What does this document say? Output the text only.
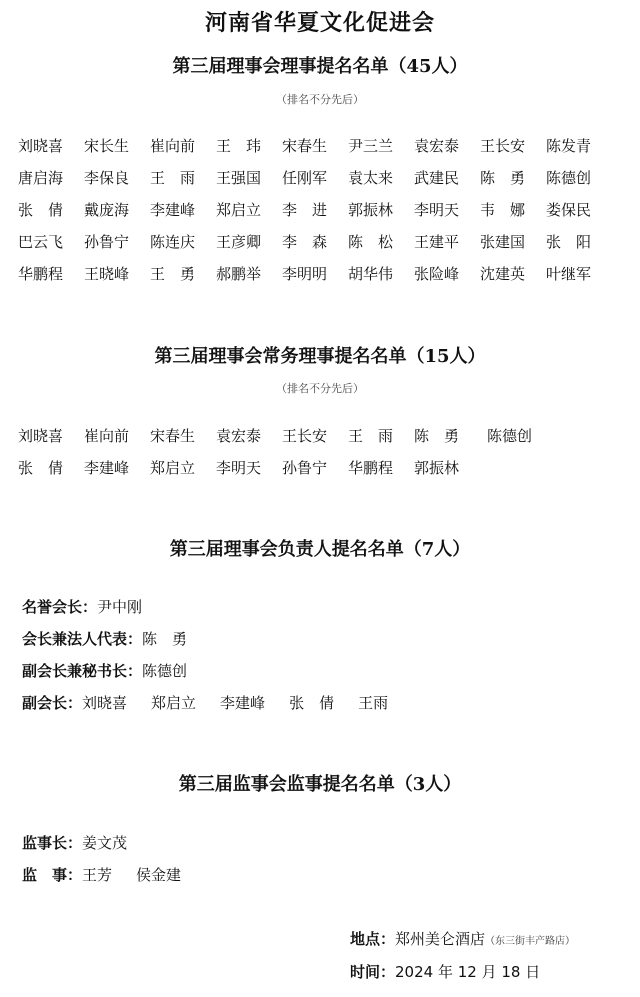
河南省华夏文化促进会
第三届理事会理事提名名单（45人）
（排名不分先后）
刘晓喜	宋长生	崔向前	王　玮	宋春生	尹三兰	袁宏泰	王长安	陈发青
唐启海	李保良	王　雨	王强国	任刚军	袁太来	武建民	陈　勇	陈德创
张　倩	戴庞海	李建峰	郑启立	李　进	郭振林	李明天	韦　娜	娄保民
巴云飞	孙鲁宁	陈连庆	王彦卿	李　森	陈　松	王建平	张建国	张　阳
华鹏程	王晓峰	王　勇	郝鹏举	李明明	胡华伟	张险峰	沈建英	叶继军
第三届理事会常务理事提名名单（15人）
（排名不分先后）
刘晓喜	崔向前	宋春生	袁宏泰	王长安	王　雨	陈　勇	陈德创
张　倩	李建峰	郑启立	李明天	孙鲁宁	华鹏程	郭振林
第三届理事会负责人提名名单（7人）
名誉会长：尹中刚
会长兼法人代表：陈　勇
副会长兼秘书长：陈德创
副会长：刘晓喜 郑启立 李建峰 张　倩 王雨
第三届监事会监事提名名单（3人）
监事长：姜文茂
监　事：王芳 侯金建
地点：郑州美仑酒店（东三街丰产路店）
时间：2024 年 12 月 18 日
